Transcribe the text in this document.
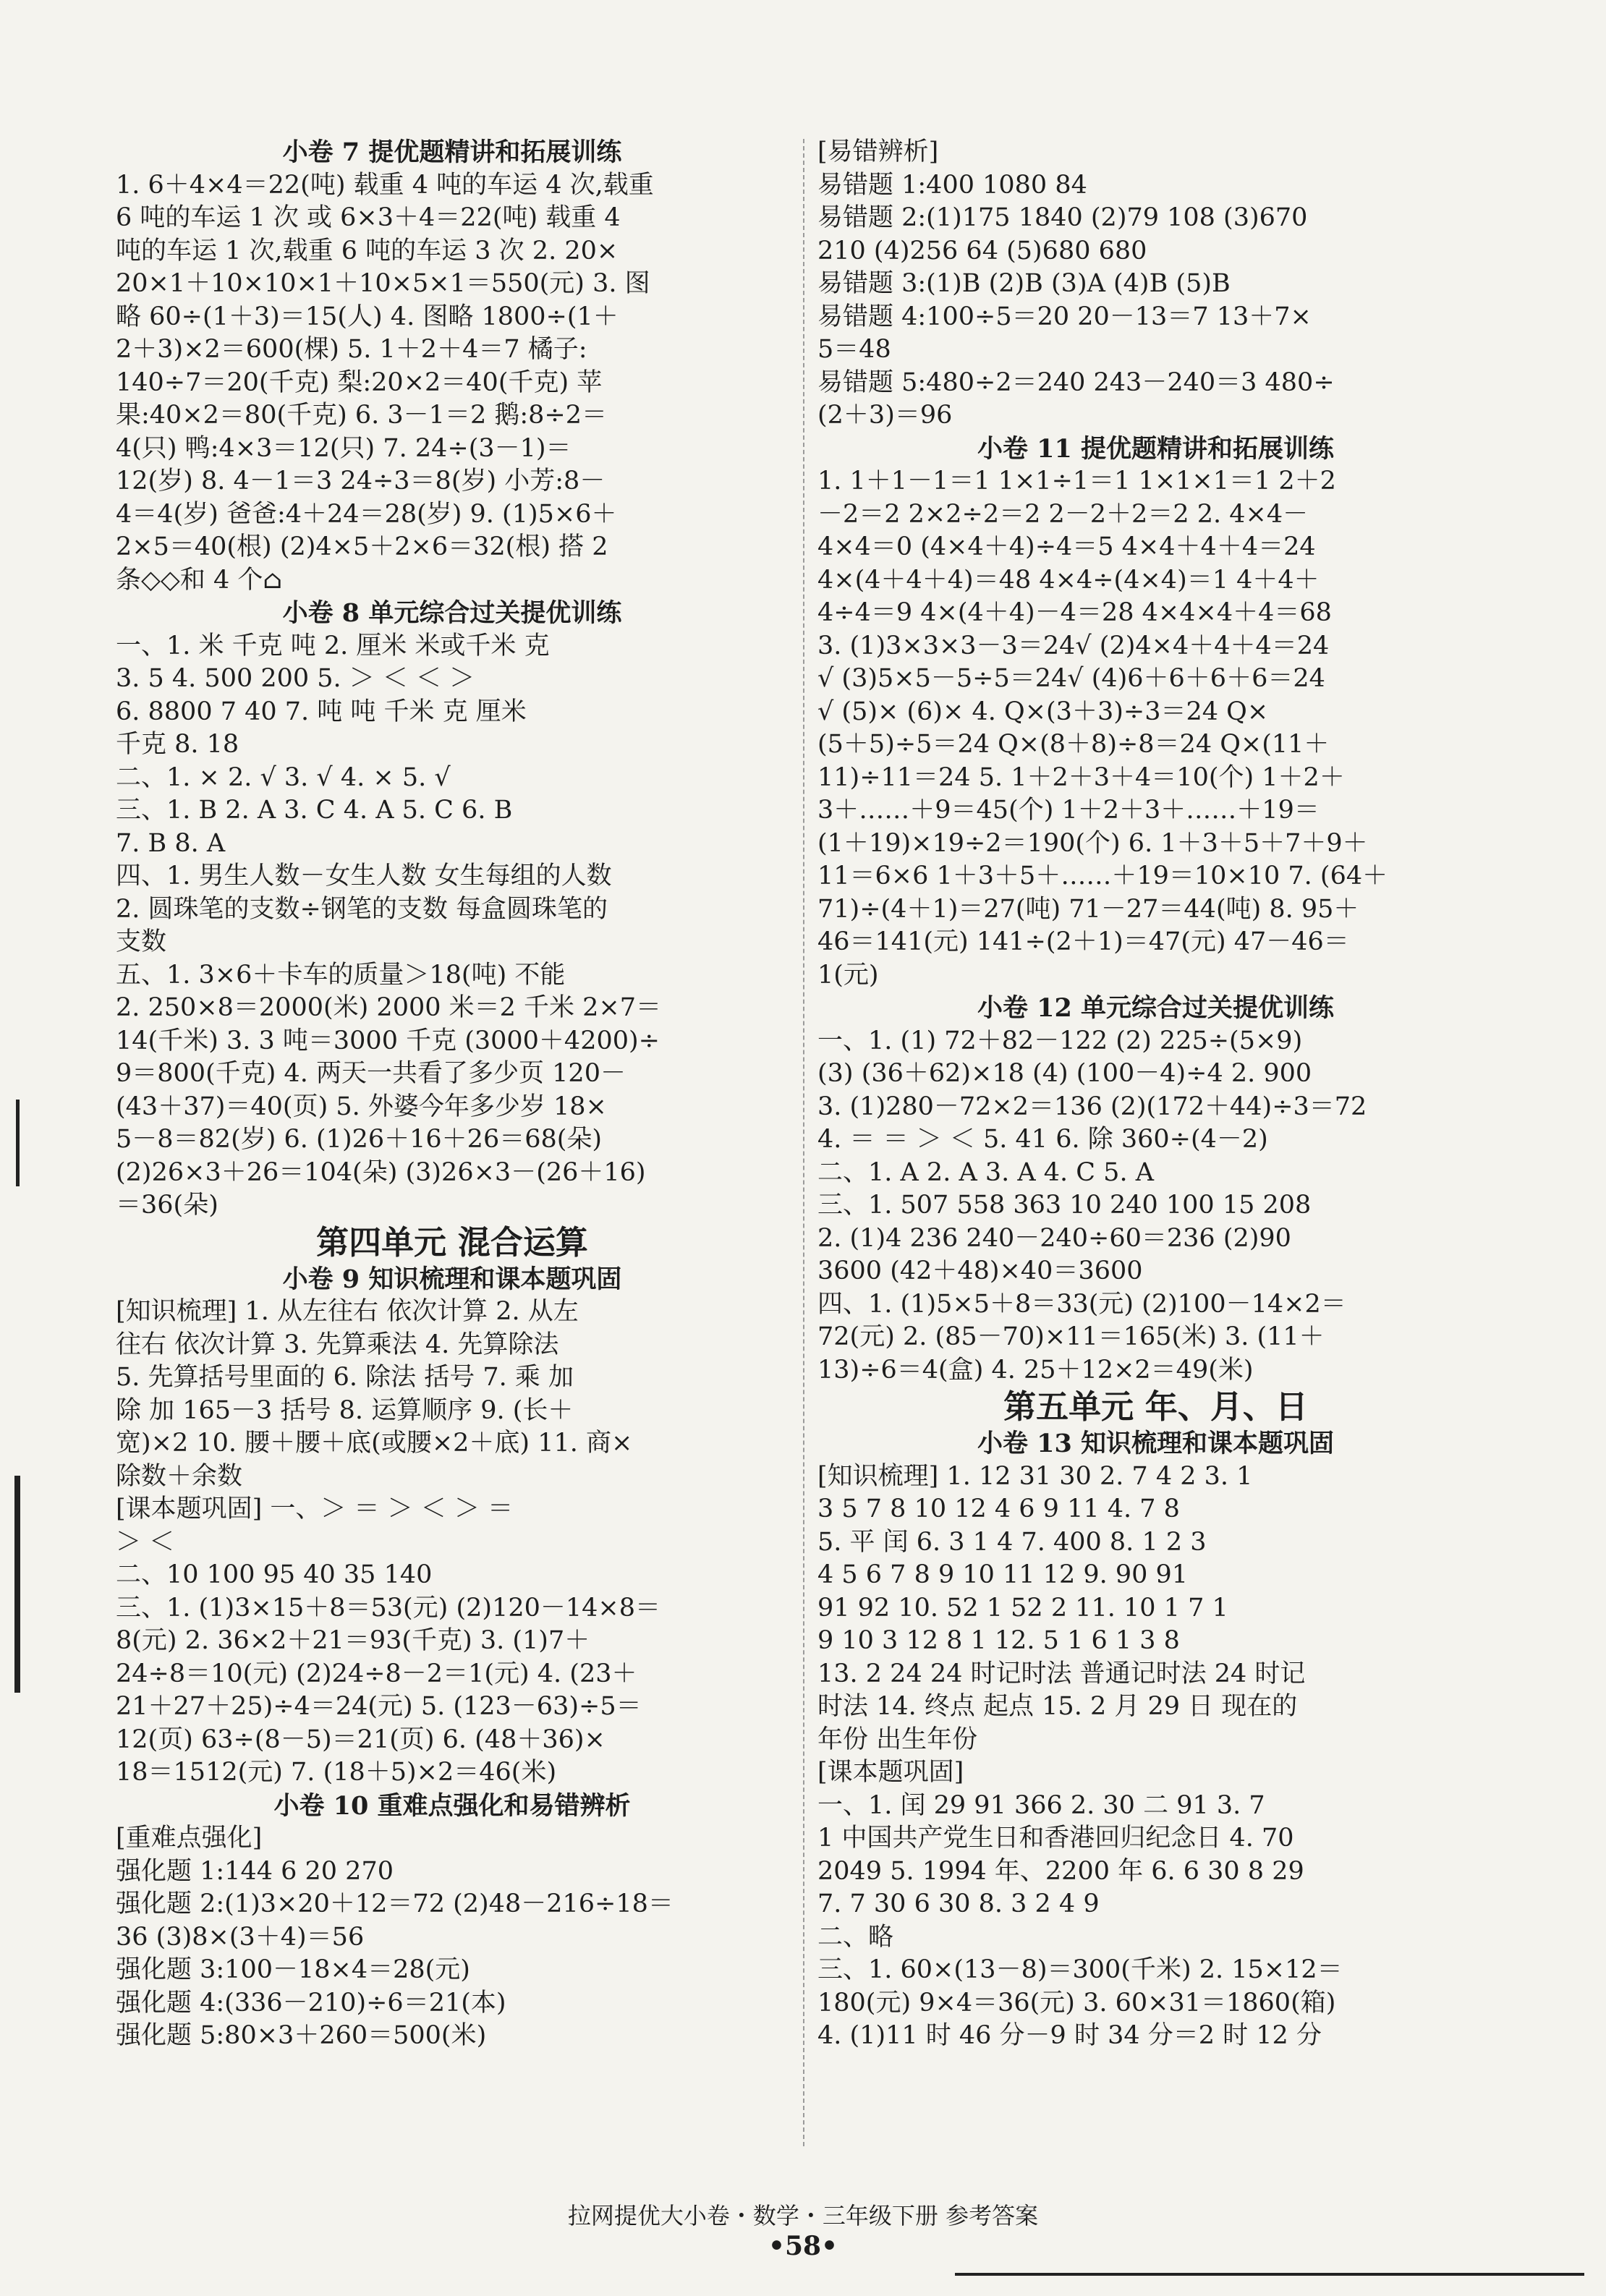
小卷 7 提优题精讲和拓展训练
1. 6＋4×4＝22(吨) 载重 4 吨的车运 4 次,载重
6 吨的车运 1 次 或 6×3＋4＝22(吨) 载重 4
吨的车运 1 次,载重 6 吨的车运 3 次 2. 20×
20×1＋10×10×1＋10×5×1＝550(元) 3. 图
略 60÷(1＋3)＝15(人) 4. 图略 1800÷(1＋
2＋3)×2＝600(棵) 5. 1＋2＋4＝7 橘子:
140÷7＝20(千克) 梨:20×2＝40(千克) 苹
果:40×2＝80(千克) 6. 3－1＝2 鹅:8÷2＝
4(只) 鸭:4×3＝12(只) 7. 24÷(3－1)＝
12(岁) 8. 4－1＝3 24÷3＝8(岁) 小芳:8－
4＝4(岁) 爸爸:4＋24＝28(岁) 9. (1)5×6＋
2×5＝40(根) (2)4×5＋2×6＝32(根) 搭 2
条◇◇和 4 个⌂
小卷 8 单元综合过关提优训练
一、1. 米 千克 吨 2. 厘米 米或千米 克
3. 5 4. 500 200 5. ＞ ＜ ＜ ＞
6. 8800 7 40 7. 吨 吨 千米 克 厘米
千克 8. 18
二、1. × 2. √ 3. √ 4. × 5. √
三、1. B 2. A 3. C 4. A 5. C 6. B
7. B 8. A
四、1. 男生人数－女生人数 女生每组的人数
2. 圆珠笔的支数÷钢笔的支数 每盒圆珠笔的
支数
五、1. 3×6＋卡车的质量＞18(吨) 不能
2. 250×8＝2000(米) 2000 米＝2 千米 2×7＝
14(千米) 3. 3 吨＝3000 千克 (3000＋4200)÷
9＝800(千克) 4. 两天一共看了多少页 120－
(43＋37)＝40(页) 5. 外婆今年多少岁 18×
5－8＝82(岁) 6. (1)26＋16＋26＝68(朵)
(2)26×3＋26＝104(朵) (3)26×3－(26＋16)
＝36(朵)
第四单元 混合运算
小卷 9 知识梳理和课本题巩固
[知识梳理] 1. 从左往右 依次计算 2. 从左
往右 依次计算 3. 先算乘法 4. 先算除法
5. 先算括号里面的 6. 除法 括号 7. 乘 加
除 加 165－3 括号 8. 运算顺序 9. (长＋
宽)×2 10. 腰＋腰＋底(或腰×2＋底) 11. 商×
除数＋余数
[课本题巩固] 一、＞ ＝ ＞ ＜ ＞ ＝
＞ ＜
二、10 100 95 40 35 140
三、1. (1)3×15＋8＝53(元) (2)120－14×8＝
8(元) 2. 36×2＋21＝93(千克) 3. (1)7＋
24÷8＝10(元) (2)24÷8－2＝1(元) 4. (23＋
21＋27＋25)÷4＝24(元) 5. (123－63)÷5＝
12(页) 63÷(8－5)＝21(页) 6. (48＋36)×
18＝1512(元) 7. (18＋5)×2＝46(米)
小卷 10 重难点强化和易错辨析
[重难点强化]
强化题 1:144 6 20 270
强化题 2:(1)3×20＋12＝72 (2)48－216÷18＝
36 (3)8×(3＋4)＝56
强化题 3:100－18×4＝28(元)
强化题 4:(336－210)÷6＝21(本)
强化题 5:80×3＋260＝500(米)
[易错辨析]
易错题 1:400 1080 84
易错题 2:(1)175 1840 (2)79 108 (3)670
210 (4)256 64 (5)680 680
易错题 3:(1)B (2)B (3)A (4)B (5)B
易错题 4:100÷5＝20 20－13＝7 13＋7×
5＝48
易错题 5:480÷2＝240 243－240＝3 480÷
(2＋3)＝96
小卷 11 提优题精讲和拓展训练
1. 1＋1－1＝1 1×1÷1＝1 1×1×1＝1 2＋2
－2＝2 2×2÷2＝2 2－2＋2＝2 2. 4×4－
4×4＝0 (4×4＋4)÷4＝5 4×4＋4＋4＝24
4×(4＋4＋4)＝48 4×4÷(4×4)＝1 4＋4＋
4÷4＝9 4×(4＋4)－4＝28 4×4×4＋4＝68
3. (1)3×3×3－3＝24√ (2)4×4＋4＋4＝24
√ (3)5×5－5÷5＝24√ (4)6＋6＋6＋6＝24
√ (5)× (6)× 4. Q×(3＋3)÷3＝24 Q×
(5＋5)÷5＝24 Q×(8＋8)÷8＝24 Q×(11＋
11)÷11＝24 5. 1＋2＋3＋4＝10(个) 1＋2＋
3＋……＋9＝45(个) 1＋2＋3＋……＋19＝
(1＋19)×19÷2＝190(个) 6. 1＋3＋5＋7＋9＋
11＝6×6 1＋3＋5＋……＋19＝10×10 7. (64＋
71)÷(4＋1)＝27(吨) 71－27＝44(吨) 8. 95＋
46＝141(元) 141÷(2＋1)＝47(元) 47－46＝
1(元)
小卷 12 单元综合过关提优训练
一、1. (1) 72＋82－122 (2) 225÷(5×9)
(3) (36＋62)×18 (4) (100－4)÷4 2. 900
3. (1)280－72×2＝136 (2)(172＋44)÷3＝72
4. ＝ ＝ ＞ ＜ 5. 41 6. 除 360÷(4－2)
二、1. A 2. A 3. A 4. C 5. A
三、1. 507 558 363 10 240 100 15 208
2. (1)4 236 240－240÷60＝236 (2)90
3600 (42＋48)×40＝3600
四、1. (1)5×5＋8＝33(元) (2)100－14×2＝
72(元) 2. (85－70)×11＝165(米) 3. (11＋
13)÷6＝4(盒) 4. 25＋12×2＝49(米)
第五单元 年、月、日
小卷 13 知识梳理和课本题巩固
[知识梳理] 1. 12 31 30 2. 7 4 2 3. 1
3 5 7 8 10 12 4 6 9 11 4. 7 8
5. 平 闰 6. 3 1 4 7. 400 8. 1 2 3
4 5 6 7 8 9 10 11 12 9. 90 91
91 92 10. 52 1 52 2 11. 10 1 7 1
9 10 3 12 8 1 12. 5 1 6 1 3 8
13. 2 24 24 时记时法 普通记时法 24 时记
时法 14. 终点 起点 15. 2 月 29 日 现在的
年份 出生年份
[课本题巩固]
一、1. 闰 29 91 366 2. 30 二 91 3. 7
1 中国共产党生日和香港回归纪念日 4. 70
2049 5. 1994 年、2200 年 6. 6 30 8 29
7. 7 30 6 30 8. 3 2 4 9
二、略
三、1. 60×(13－8)＝300(千米) 2. 15×12＝
180(元) 9×4＝36(元) 3. 60×31＝1860(箱)
4. (1)11 时 46 分－9 时 34 分＝2 时 12 分
拉网提优大小卷・数学・三年级下册 参考答案
•58•
